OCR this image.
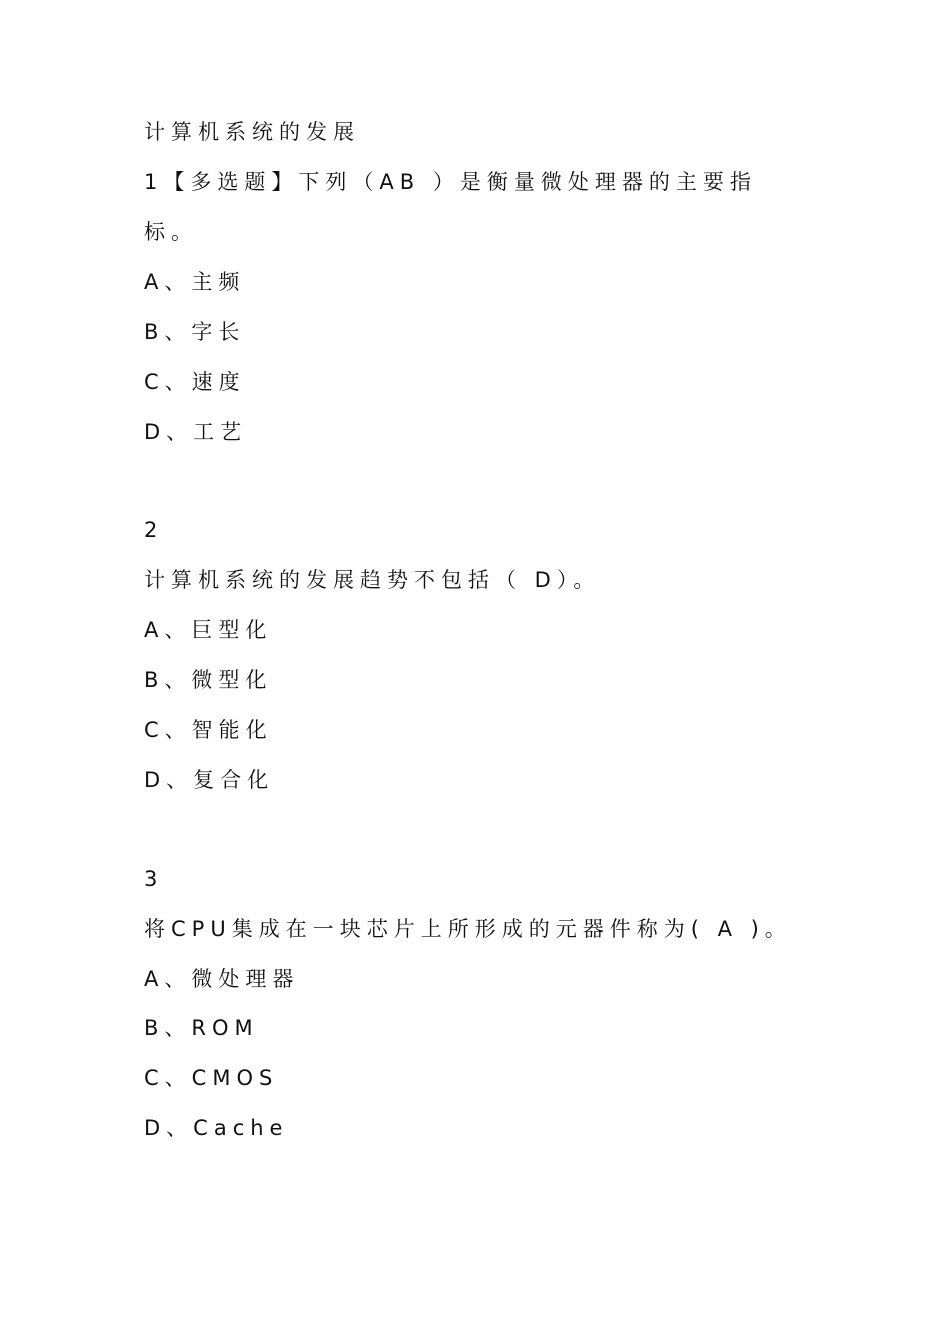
计算机系统的发展
1【多选题】下列（AB ）是衡量微处理器的主要指
标。
A、主频
B、字长
C、速度
D、工艺
2
计算机系统的发展趋势不包括（ D）。
A、巨型化
B、微型化
C、智能化
D、复合化
3
将CPU集成在一块芯片上所形成的元器件称为( A )。
A、微处理器
B、ROM
C、CMOS
D、Cache
